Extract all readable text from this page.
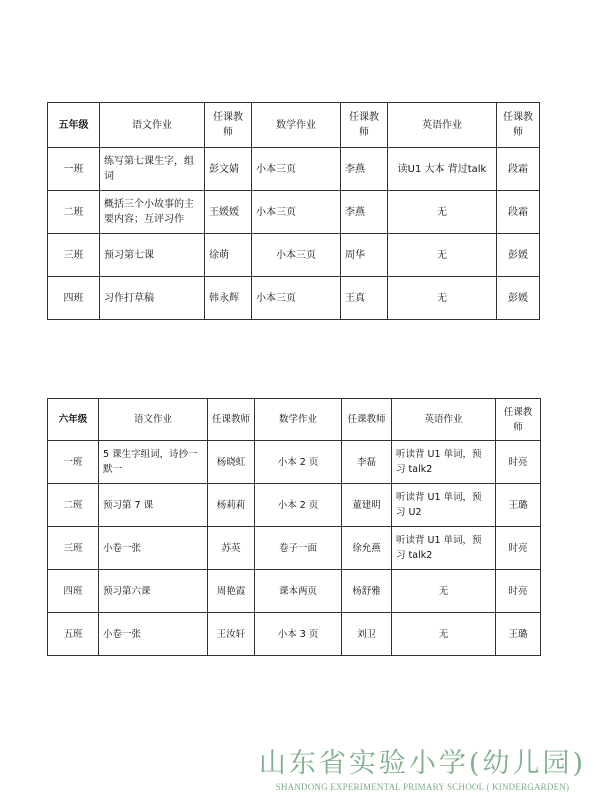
五年级	语文作业	任课教师	数学作业	任课教师	英语作业	任课教师
一班	练写第七课生字，组词	彭文婧	小本三页	李燕	读U1 大本 背过talk	段霜
二班	概括三个小故事的主要内容；互评习作	王媛媛	小本三页	李燕	无	段霜
三班	预习第七课	徐萌	小本三页	周华	无	彭媛
四班	习作打草稿	韩永辉	小本三页	王真	无	彭媛
六年级	语文作业	任课教师	数学作业	任课教师	英语作业	任课教师
一班	5 课生字组词，诗抄一默一	杨晓虹	小本 2 页	李磊	听读背 U1 单词，预习 talk2	时亮
二班	预习第 7 课	杨莉莉	小本 2 页	董建明	听读背 U1 单词，预习 U2	王璐
三班	小卷一张	苏英	卷子一面	徐允燕	听读背 U1 单词，预习 talk2	时亮
四班	预习第六课	周艳霞	课本两页	杨舒雅	无	时亮
五班	小卷一张	王汝轩	小本 3 页	刘卫	无	王璐
山东省实验小学(幼儿园)
SHANDONG EXPERIMENTAL PRIMARY SCHOOL ( KINDERGARDEN)
